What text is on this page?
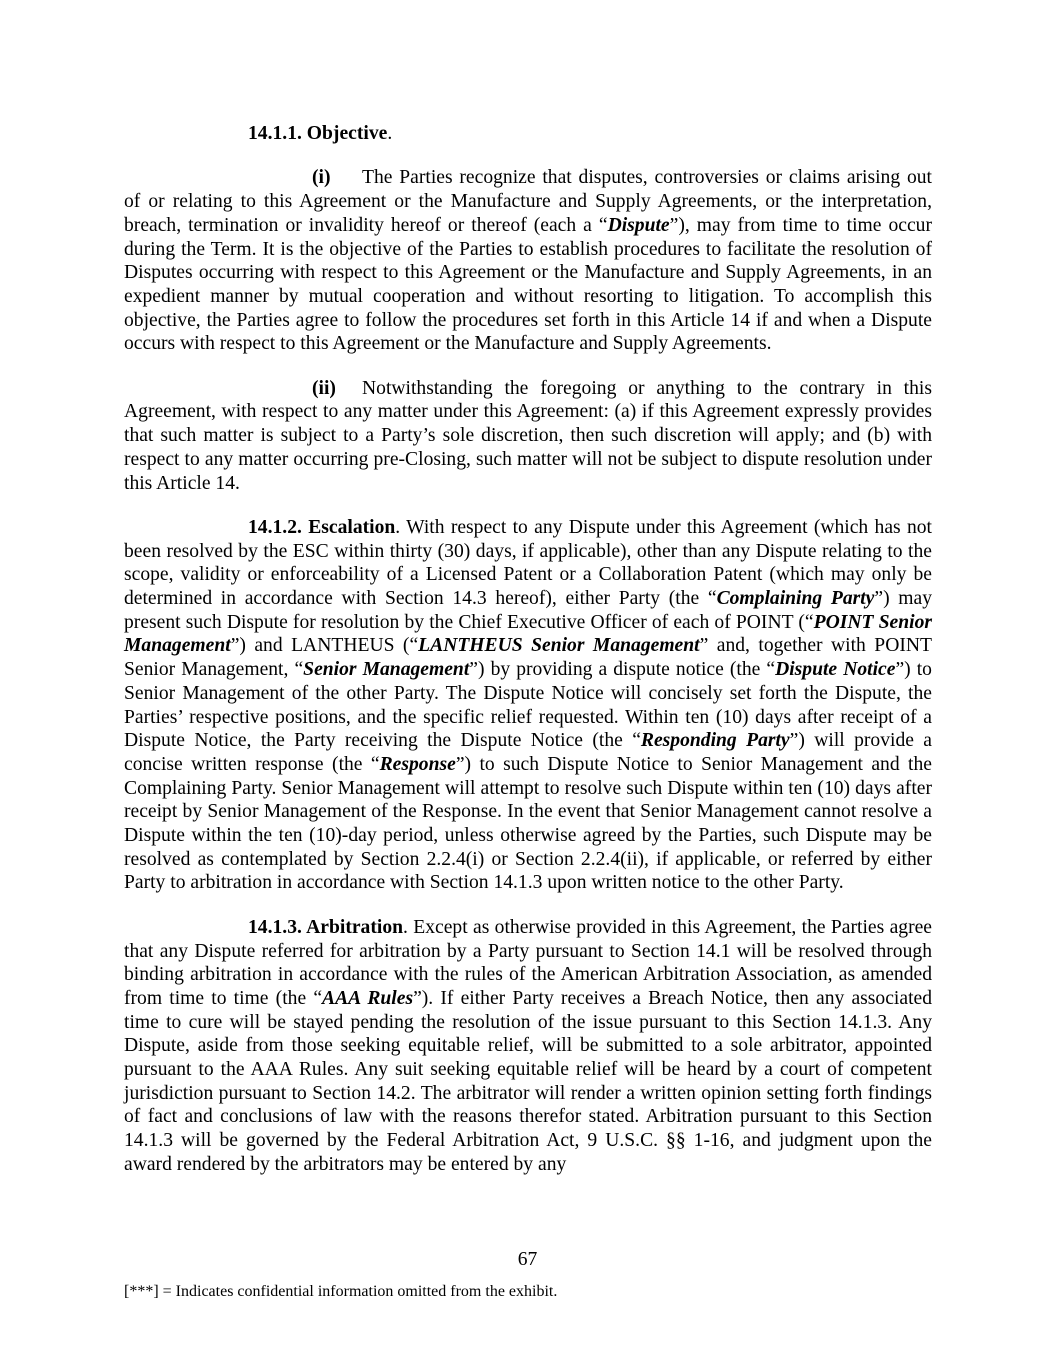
14.1.1. Objective.

(i) The Parties recognize that disputes, controversies or claims arising out of or relating to this Agreement or the Manufacture and Supply Agreements, or the interpretation, breach, termination or invalidity hereof or thereof (each a “Dispute”), may from time to time occur during the Term. It is the objective of the Parties to establish procedures to facilitate the resolution of Disputes occurring with respect to this Agreement or the Manufacture and Supply Agreements, in an expedient manner by mutual cooperation and without resorting to litigation. To accomplish this objective, the Parties agree to follow the procedures set forth in this Article 14 if and when a Dispute occurs with respect to this Agreement or the Manufacture and Supply Agreements.

(ii) Notwithstanding the foregoing or anything to the contrary in this Agreement, with respect to any matter under this Agreement: (a) if this Agreement expressly provides that such matter is subject to a Party’s sole discretion, then such discretion will apply; and (b) with respect to any matter occurring pre-Closing, such matter will not be subject to dispute resolution under this Article 14.

14.1.2. Escalation. With respect to any Dispute under this Agreement (which has not been resolved by the ESC within thirty (30) days, if applicable), other than any Dispute relating to the scope, validity or enforceability of a Licensed Patent or a Collaboration Patent (which may only be determined in accordance with Section 14.3 hereof), either Party (the “Complaining Party”) may present such Dispute for resolution by the Chief Executive Officer of each of POINT (“POINT Senior Management”) and LANTHEUS (“LANTHEUS Senior Management” and, together with POINT Senior Management, “Senior Management”) by providing a dispute notice (the “Dispute Notice”) to Senior Management of the other Party. The Dispute Notice will concisely set forth the Dispute, the Parties’ respective positions, and the specific relief requested. Within ten (10) days after receipt of a Dispute Notice, the Party receiving the Dispute Notice (the “Responding Party”) will provide a concise written response (the “Response”) to such Dispute Notice to Senior Management and the Complaining Party. Senior Management will attempt to resolve such Dispute within ten (10) days after receipt by Senior Management of the Response. In the event that Senior Management cannot resolve a Dispute within the ten (10)-day period, unless otherwise agreed by the Parties, such Dispute may be resolved as contemplated by Section 2.2.4(i) or Section 2.2.4(ii), if applicable, or referred by either Party to arbitration in accordance with Section 14.1.3 upon written notice to the other Party.

14.1.3. Arbitration. Except as otherwise provided in this Agreement, the Parties agree that any Dispute referred for arbitration by a Party pursuant to Section 14.1 will be resolved through binding arbitration in accordance with the rules of the American Arbitration Association, as amended from time to time (the “AAA Rules”). If either Party receives a Breach Notice, then any associated time to cure will be stayed pending the resolution of the issue pursuant to this Section 14.1.3. Any Dispute, aside from those seeking equitable relief, will be submitted to a sole arbitrator, appointed pursuant to the AAA Rules. Any suit seeking equitable relief will be heard by a court of competent jurisdiction pursuant to Section 14.2. The arbitrator will render a written opinion setting forth findings of fact and conclusions of law with the reasons therefor stated. Arbitration pursuant to this Section 14.1.3 will be governed by the Federal Arbitration Act, 9 U.S.C. §§ 1-16, and judgment upon the award rendered by the arbitrators may be entered by any

67
[***] = Indicates confidential information omitted from the exhibit.
